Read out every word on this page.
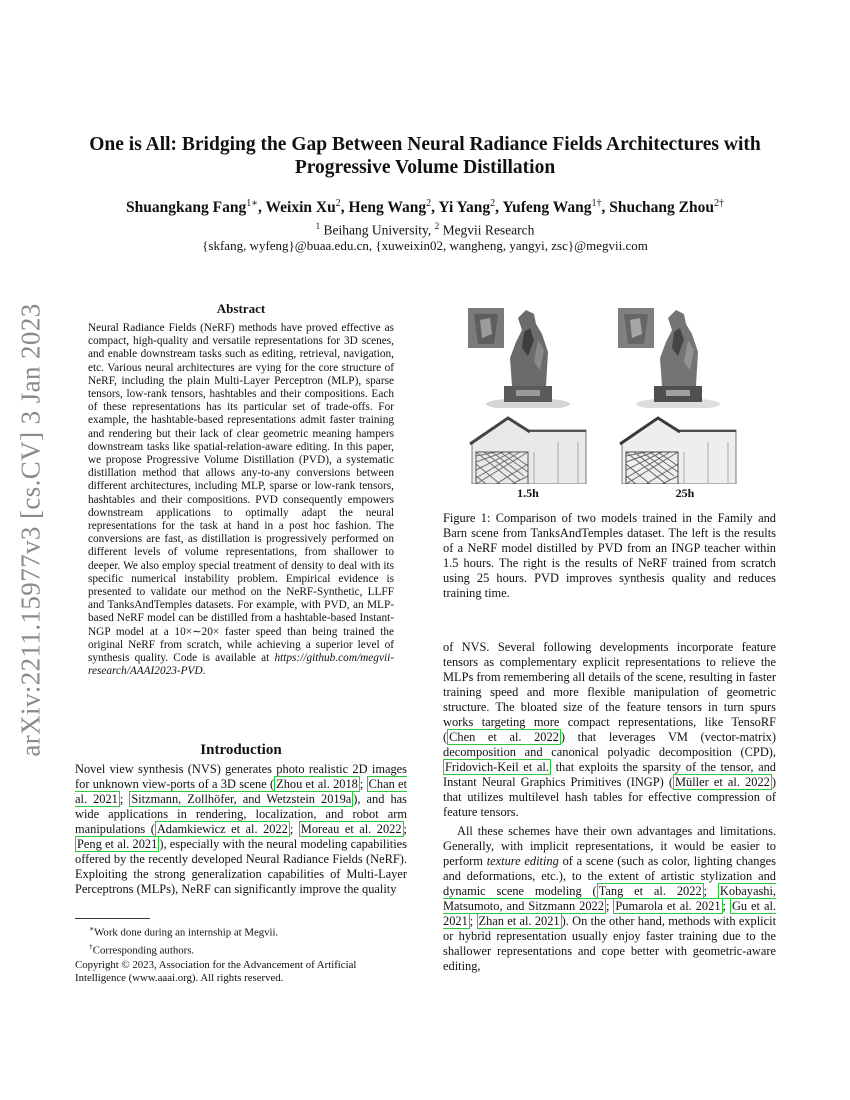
arXiv:2211.15977v3 [cs.CV] 3 Jan 2023
One is All: Bridging the Gap Between Neural Radiance Fields Architectures with
Progressive Volume Distillation
Shuangkang Fang$^{1∗}$, Weixin Xu$^2$, Heng Wang$^2$, Yi Yang$^2$, Yufeng Wang$^{1\dagger}$, Shuchang Zhou$^{2\dagger}$
$^1$ Beihang University, $^2$ Megvii Research
{skfang, wyfeng}@buaa.edu.cn, {xuweixin02, wangheng, yangyi, zsc}@megvii.com
Abstract
Neural Radiance Fields (NeRF) methods have proved effective as compact, high-quality and versatile representations for 3D scenes, and enable downstream tasks such as editing, retrieval, navigation, etc. Various neural architectures are vying for the core structure of NeRF, including the plain Multi-Layer Perceptron (MLP), sparse tensors, low-rank tensors, hashtables and their compositions. Each of these representations has its particular set of trade-offs. For example, the hashtable-based representations admit faster training and rendering but their lack of clear geometric meaning hampers downstream tasks like spatial-relation-aware editing. In this paper, we propose Progressive Volume Distillation (PVD), a systematic distillation method that allows any-to-any conversions between different architectures, including MLP, sparse or low-rank tensors, hashtables and their compositions. PVD consequently empowers downstream applications to optimally adapt the neural representations for the task at hand in a post hoc fashion. The conversions are fast, as distillation is progressively performed on different levels of volume representations, from shallower to deeper. We also employ special treatment of density to deal with its specific numerical instability problem. Empirical evidence is presented to validate our method on the NeRF-Synthetic, LLFF and TanksAndTemples datasets. For example, with PVD, an MLP-based NeRF model can be distilled from a hashtable-based Instant-NGP model at a 10×∼20× faster speed than being trained the original NeRF from scratch, while achieving a superior level of synthesis quality. Code is available at https://github.com/megvii-research/AAAI2023-PVD.
Introduction
Novel view synthesis (NVS) generates photo realistic 2D images for unknown view-ports of a 3D scene ( Zhou et al. 2018 ; Chan et al. 2021 ; Sitzmann, Zollhöfer, and Wetzstein 2019a ), and has wide applications in rendering, localization, and robot arm manipulations ( Adamkiewicz et al. 2022 ; Moreau et al. 2022 ; Peng et al. 2021 ), especially with the neural modeling capabilities offered by the recently developed Neural Radiance Fields (NeRF). Exploiting the strong generalization capabilities of Multi-Layer Perceptrons (MLPs), NeRF can significantly improve the quality
∗Work done during an internship at Megvii.
†Corresponding authors.
Copyright © 2023, Association for the Advancement of Artificial Intelligence (www.aaai.org). All rights reserved.
1.5h	25h
Figure 1: Comparison of two models trained in the Family and Barn scene from TanksAndTemples dataset. The left is the results of a NeRF model distilled by PVD from an INGP teacher within 1.5 hours. The right is the results of NeRF trained from scratch using 25 hours. PVD improves synthesis quality and reduces training time.

of NVS. Several following developments incorporate feature tensors as complementary explicit representations to relieve the MLPs from remembering all details of the scene, resulting in faster training speed and more flexible manipulation of geometric structure. The bloated size of the feature tensors in turn spurs works targeting more compact representations, like TensoRF ( Chen et al. 2022 ) that leverages VM (vector-matrix) decomposition and canonical polyadic decomposition (CPD), Fridovich-Keil et al. that exploits the sparsity of the tensor, and Instant Neural Graphics Primitives (INGP) ( Müller et al. 2022 ) that utilizes multilevel hash tables for effective compression of feature tensors.

All these schemes have their own advantages and limitations. Generally, with implicit representations, it would be easier to perform texture editing of a scene (such as color, lighting changes and deformations, etc.), to the extent of artistic stylization and dynamic scene modeling ( Tang et al. 2022 ; Kobayashi, Matsumoto, and Sitzmann 2022 ; Pumarola et al. 2021 ; Gu et al. 2021 ; Zhan et al. 2021 ). On the other hand, methods with explicit or hybrid representation usually enjoy faster training due to the shallower representations and cope better with geometric-aware editing,
